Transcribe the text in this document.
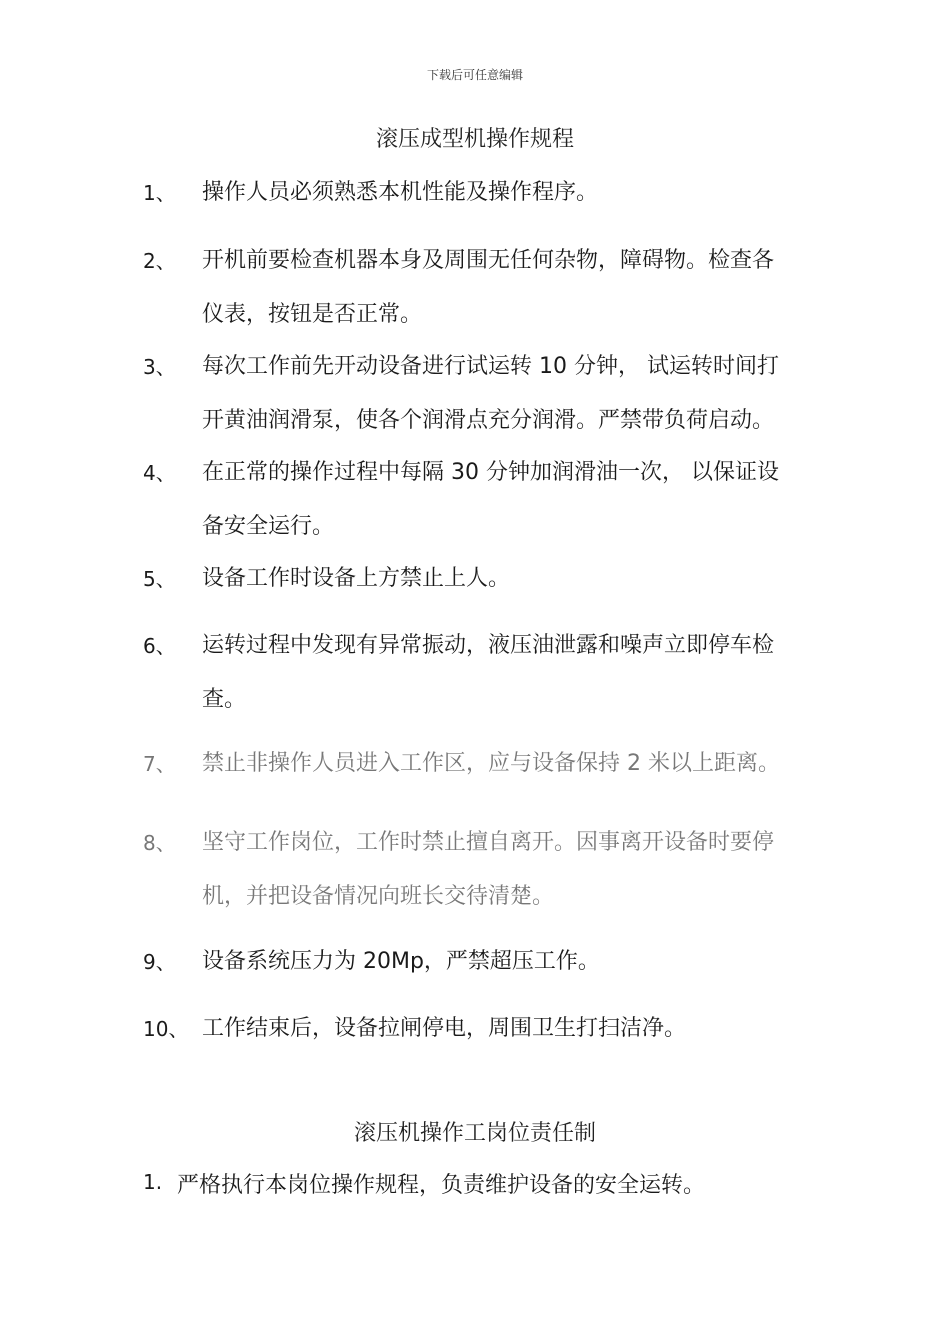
下载后可任意编辑
滚压成型机操作规程
1、 操作人员必须熟悉本机性能及操作程序。
2、 开机前要检查机器本身及周围无任何杂物，障碍物。检查各
仪表，按钮是否正常。
3、 每次工作前先开动设备进行试运转 10 分钟， 试运转时间打
开黄油润滑泵，使各个润滑点充分润滑。严禁带负荷启动。
4、 在正常的操作过程中每隔 30 分钟加润滑油一次， 以保证设
备安全运行。
5、 设备工作时设备上方禁止上人。
6、 运转过程中发现有异常振动，液压油泄露和噪声立即停车检
查。
7、 禁止非操作人员进入工作区，应与设备保持 2 米以上距离。
8、 坚守工作岗位，工作时禁止擅自离开。因事离开设备时要停
机，并把设备情况向班长交待清楚。
9、 设备系统压力为 20Mp，严禁超压工作。
10、 工作结束后，设备拉闸停电，周围卫生打扫洁净。
滚压机操作工岗位责任制
1. 严格执行本岗位操作规程，负责维护设备的安全运转。
